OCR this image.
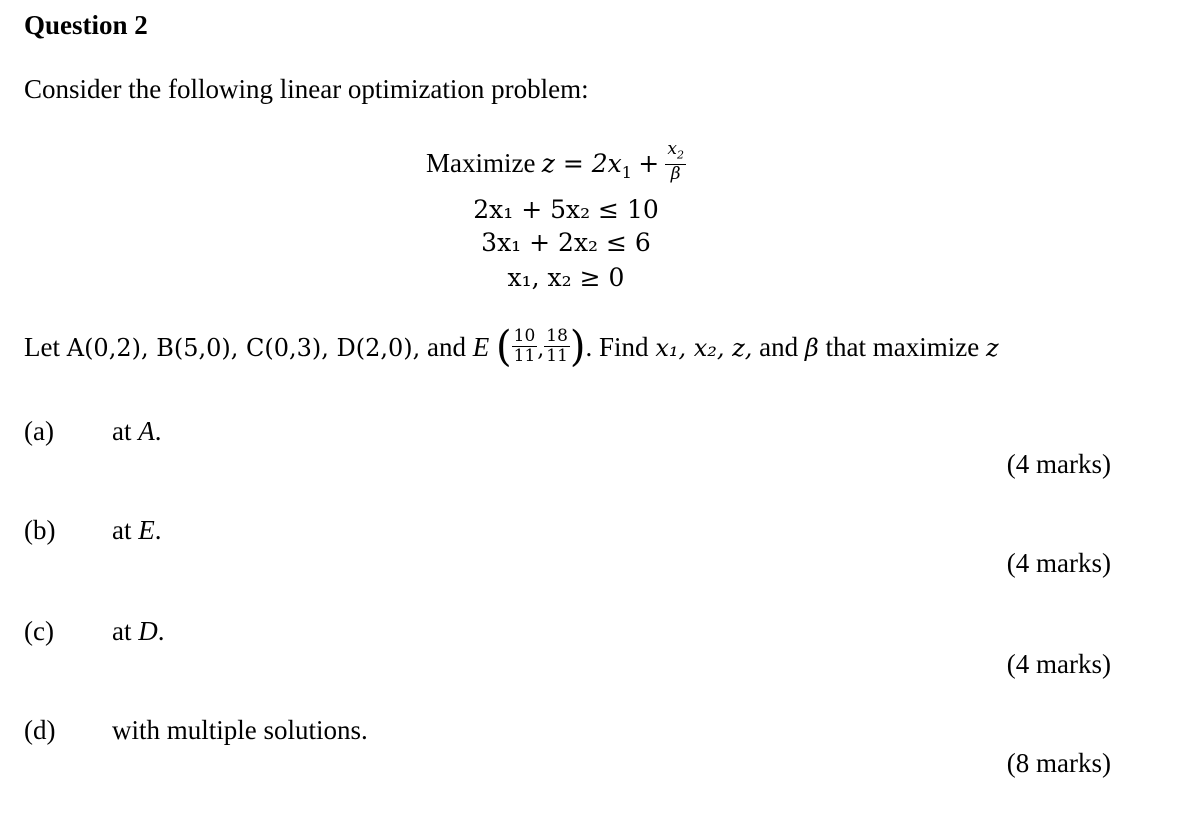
Question 2
Consider the following linear optimization problem:
Maximize $z = 2x_1 + \frac{x_2}{\beta}$
2x₁ + 5x₂ ≤ 10
3x₁ + 2x₂ ≤ 6
x₁, x₂ ≥ 0
Let A(0,2), B(5,0), C(0,3), D(2,0), and E ( $\frac{10}{11}$ , $\frac{18}{11}$ ). Find x₁, x₂, z, and β that maximize z
(a) at A.
(4 marks)
(b) at E.
(4 marks)
(c) at D.
(4 marks)
(d) with multiple solutions.
(8 marks)
